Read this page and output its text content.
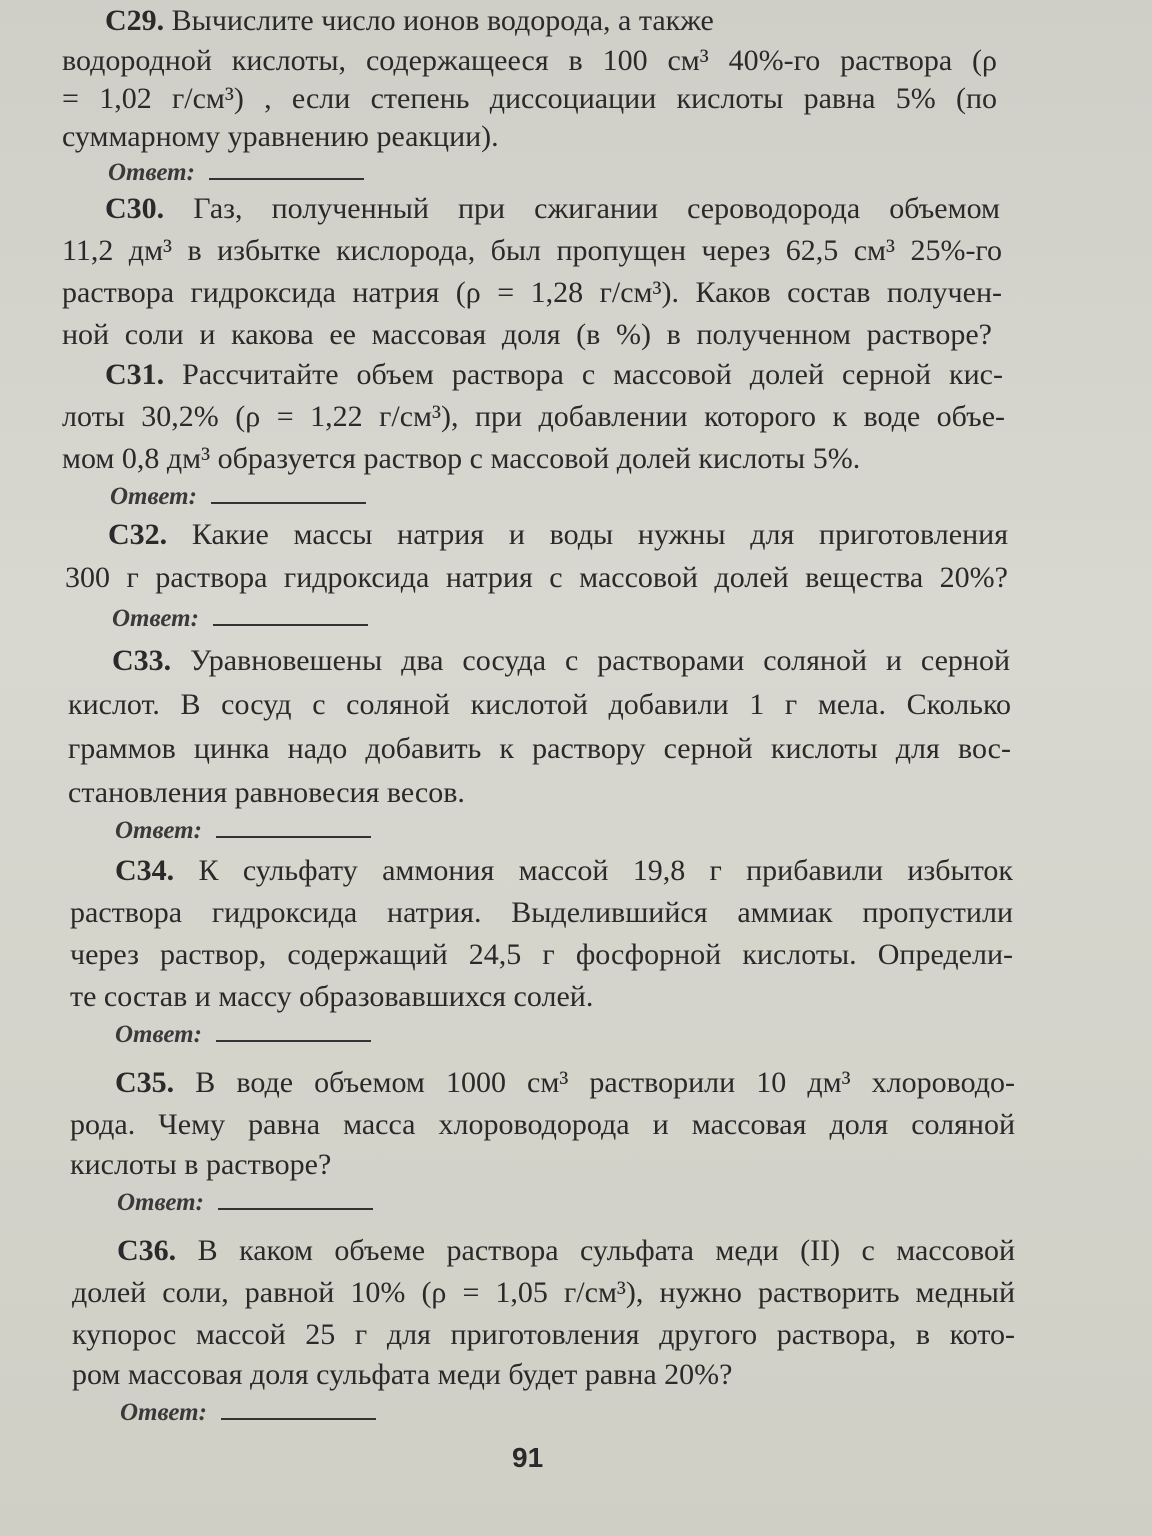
C29. Вычислите число ионов водорода, а также
водородной кислоты, содержащееся в 100 см³ 40%-го раствора (ρ
= 1,02 г/см³) , если степень диссоциации кислоты равна 5% (по
суммарному уравнению реакции).
Ответ:
C30. Газ, полученный при сжигании сероводорода объемом
11,2 дм³ в избытке кислорода, был пропущен через 62,5 см³ 25%-го
раствора гидроксида натрия (ρ = 1,28 г/см³). Каков состав получен-
ной соли и какова ее массовая доля (в %) в полученном растворе?
C31. Рассчитайте объем раствора с массовой долей серной кис-
лоты 30,2% (ρ = 1,22 г/см³), при добавлении которого к воде объе-
мом 0,8 дм³ образуется раствор с массовой долей кислоты 5%.
Ответ:
C32. Какие массы натрия и воды нужны для приготовления
300 г раствора гидроксида натрия с массовой долей вещества 20%?
Ответ:
C33. Уравновешены два сосуда с растворами соляной и серной
кислот. В сосуд с соляной кислотой добавили 1 г мела. Сколько
граммов цинка надо добавить к раствору серной кислоты для вос-
становления равновесия весов.
Ответ:
C34. К сульфату аммония массой 19,8 г прибавили избыток
раствора гидроксида натрия. Выделившийся аммиак пропустили
через раствор, содержащий 24,5 г фосфорной кислоты. Определи-
те состав и массу образовавшихся солей.
Ответ:
C35. В воде объемом 1000 см³ растворили 10 дм³ хлороводо-
рода. Чему равна масса хлороводорода и массовая доля соляной
кислоты в растворе?
Ответ:
C36. В каком объеме раствора сульфата меди (II) с массовой
долей соли, равной 10% (ρ = 1,05 г/см³), нужно растворить медный
купорос массой 25 г для приготовления другого раствора, в кото-
ром массовая доля сульфата меди будет равна 20%?
Ответ:
91
